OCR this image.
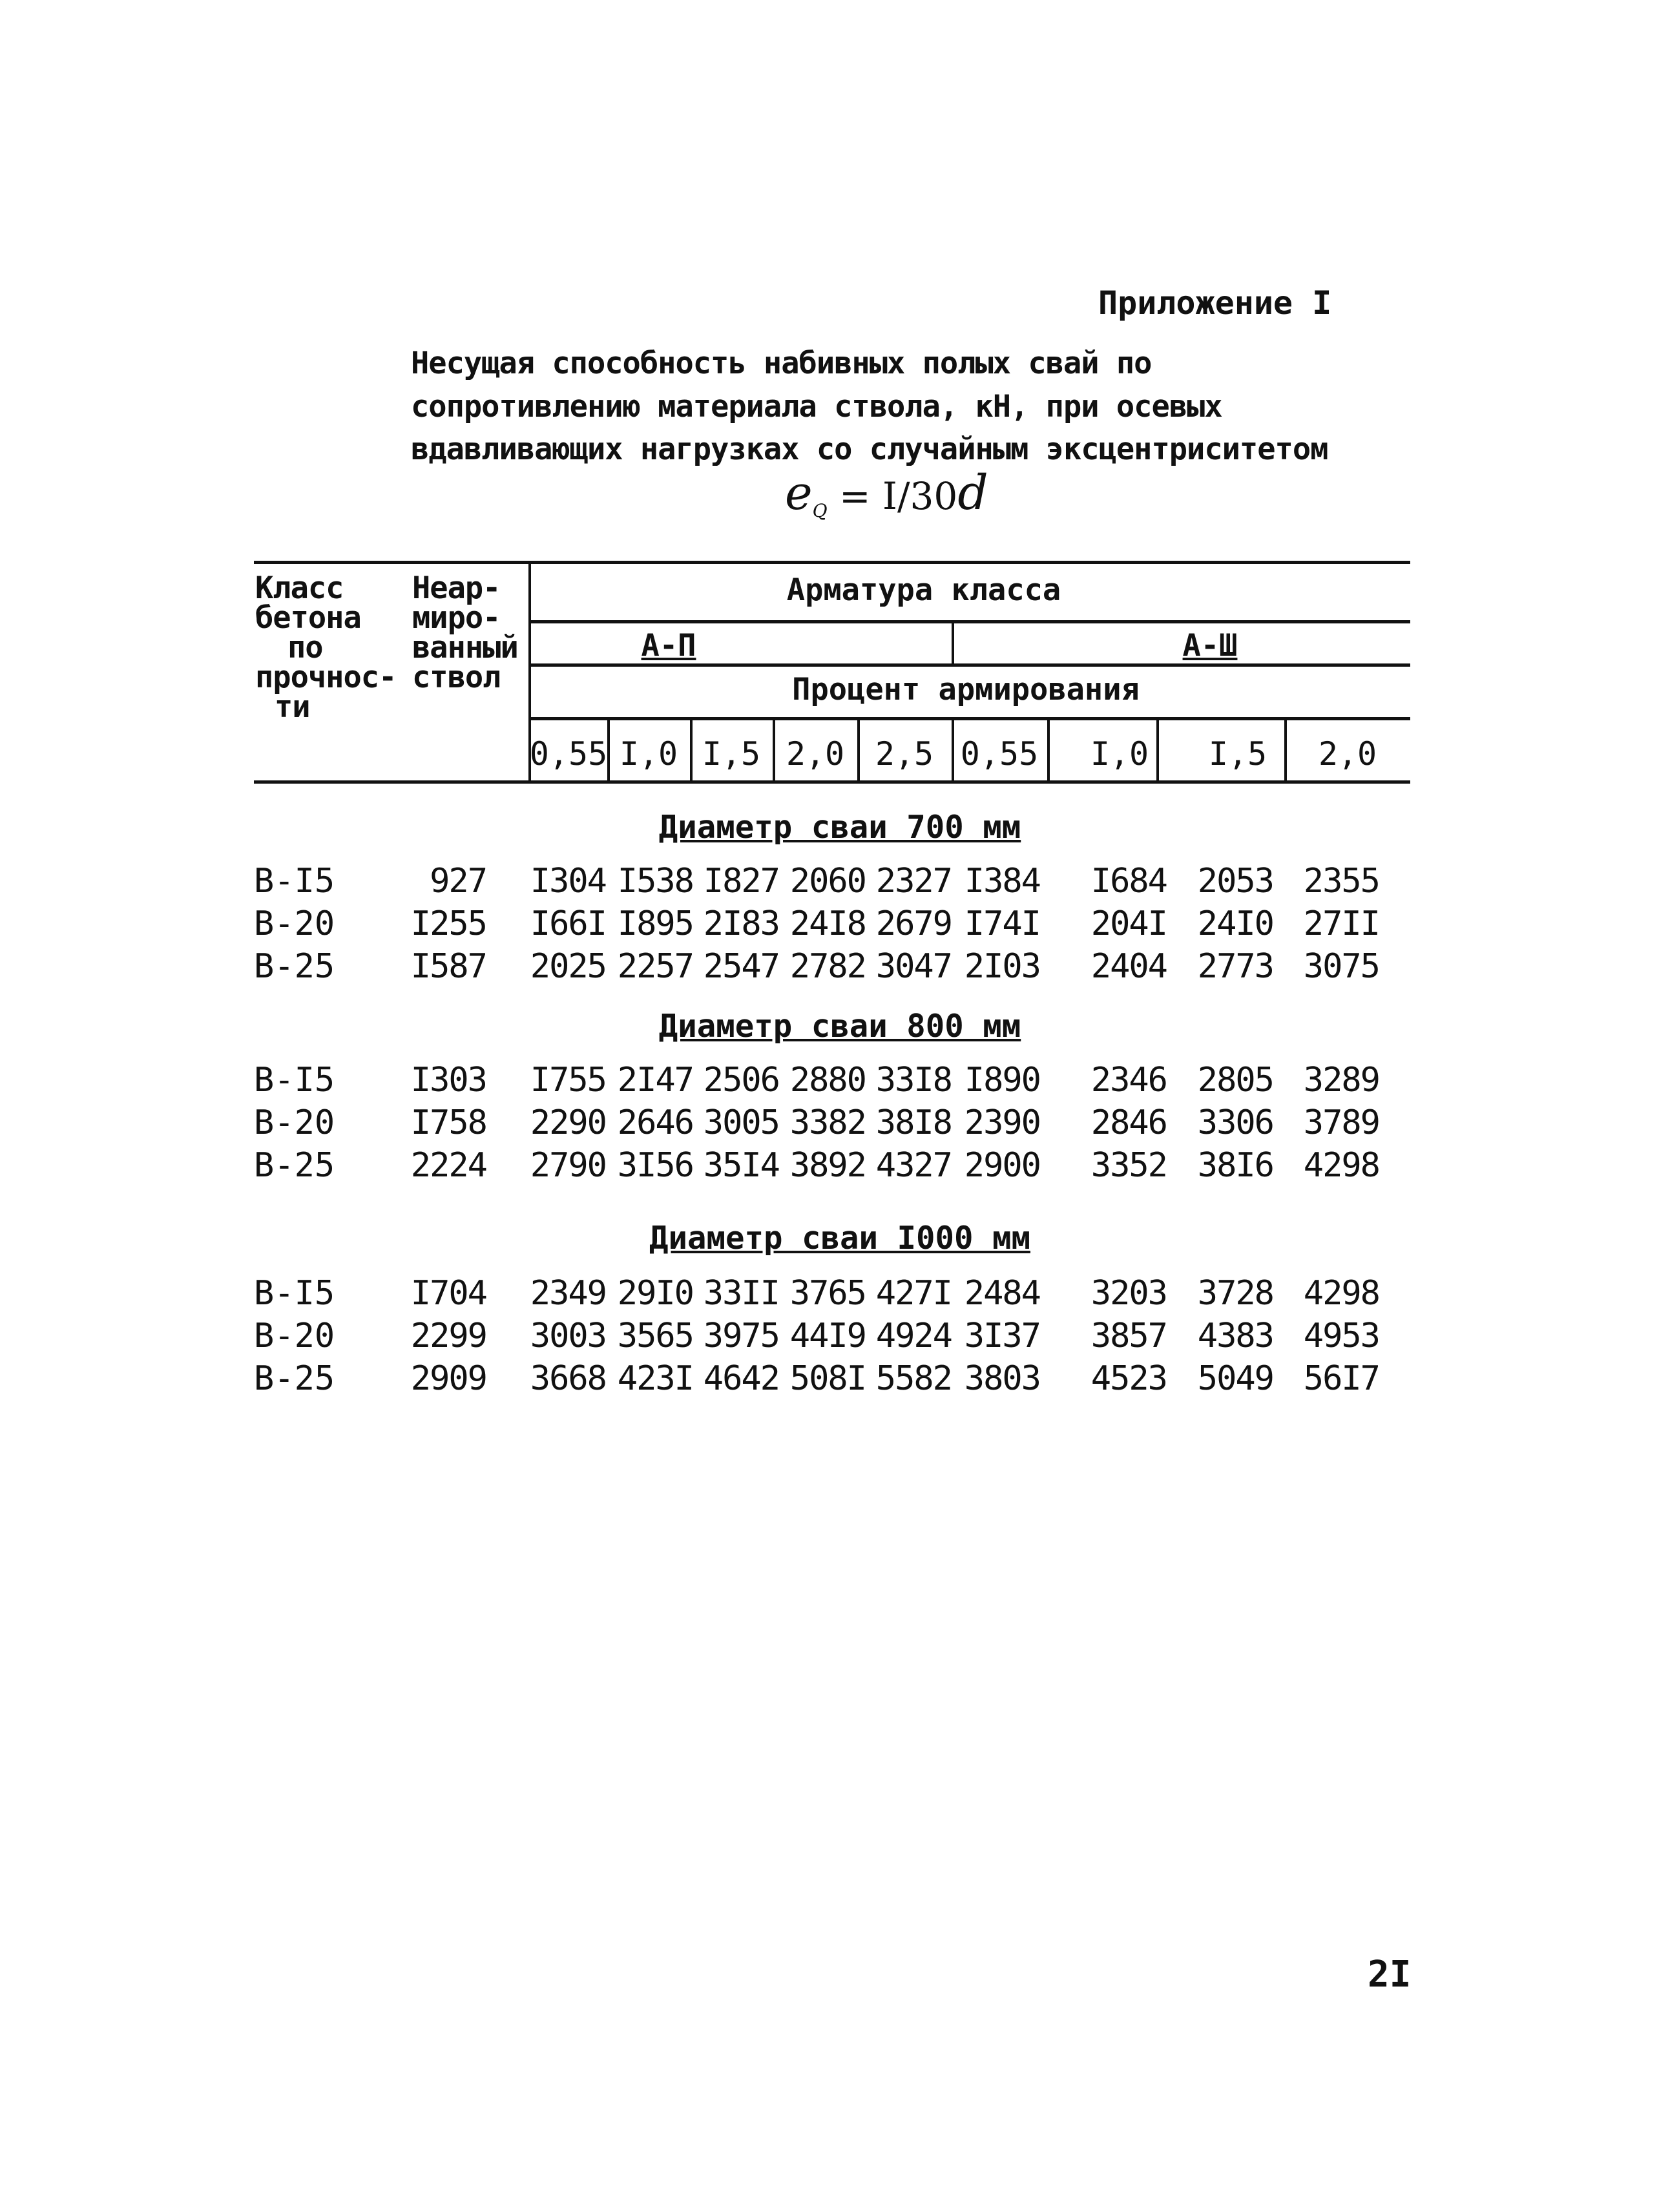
Приложение I
Несущая способность набивных полых свай по
сопротивлению материала ствола, кН, при осевых
вдавливающих нагрузках со случайным эксцентриситетом
$e_Q = I/30d$
Класс
бетона
по
прочнос-
ти
Неар-
миро-
ванный
ствол
Арматура класса
А-П	А-Ш
Процент армирования
0,55 I,0 I,5 2,0 2,5 0,55 I,0 I,5 2,0
Диаметр сваи 700 мм
B-I5	927 I304 I538 I827 2060 2327 I384 I684 2053 2355
B-20 I255 I66I I895 2I83 24I8 2679 I74I 204I 24I0 27II
B-25 I587 2025 2257 2547 2782 3047 2I03 2404 2773 3075
Диаметр сваи 800 мм
B-I5 I303 I755 2I47 2506 2880 33I8 I890 2346 2805 3289
B-20 I758 2290 2646 3005 3382 38I8 2390 2846 3306 3789
B-25 2224 2790 3I56 35I4 3892 4327 2900 3352 38I6 4298
Диаметр сваи I000 мм
B-I5 I704 2349 29I0 33II 3765 427I 2484 3203 3728 4298
B-20 2299 3003 3565 3975 44I9 4924 3I37 3857 4383 4953
B-25 2909 3668 423I 4642 508I 5582 3803 4523 5049 56I7
2I
